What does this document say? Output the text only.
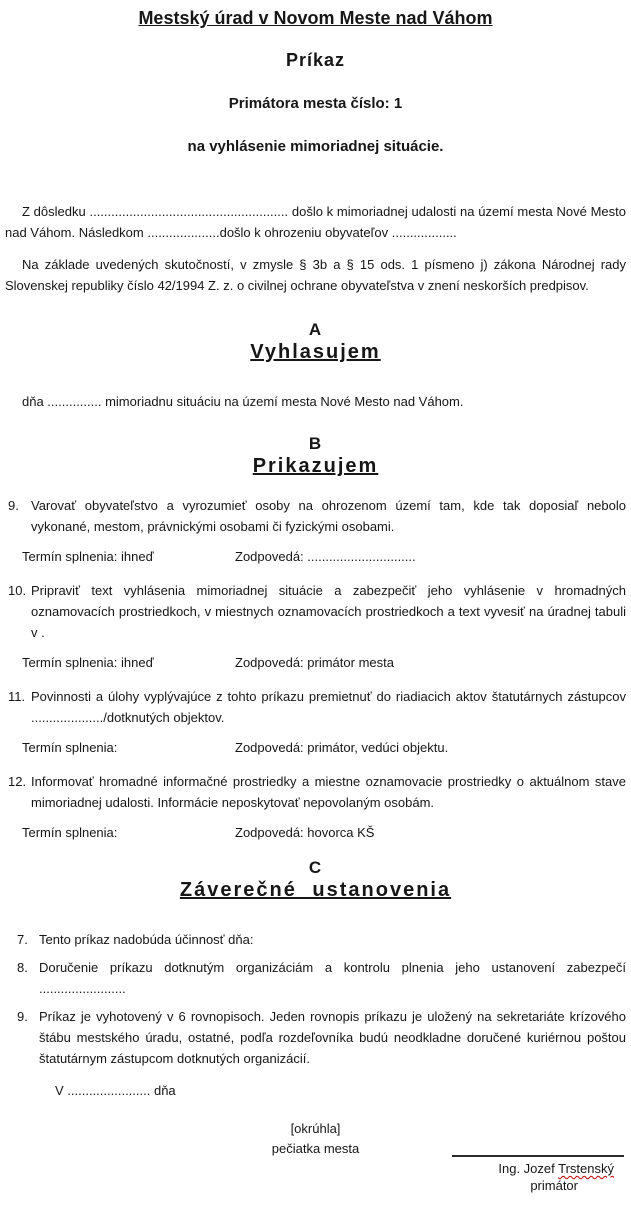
Mestský úrad v Novom Meste nad Váhom
Príkaz
Primátora mesta číslo: 1
na vyhlásenie mimoriadnej situácie.

Z dôsledku ....................................................... došlo k mimoriadnej udalosti na území mesta Nové Mesto nad Váhom. Následkom ....................došlo k ohrozeniu obyvateľov ..................

Na základe uvedených skutočností, v zmysle § 3b a § 15 ods. 1 písmeno j) zákona Národnej rady Slovenskej republiky číslo 42/1994 Z. z. o civilnej ochrane obyvateľstva v znení neskorších predpisov.

A
Vyhlasujem

dňa ............... mimoriadnu situáciu na území mesta Nové Mesto nad Váhom.

B
Prikazujem
9. Varovať obyvateľstvo a vyrozumieť osoby na ohrozenom území tam, kde tak doposiaľ nebolo vykonané, mestom, právnickými osobami či fyzickými osobami.

Termín splnenia: ihneď	Zodpovedá: ..............................
10. Pripraviť text vyhlásenia mimoriadnej situácie a zabezpečiť jeho vyhlásenie v hromadných oznamovacích prostriedkoch, v miestnych oznamovacích prostriedkoch a text vyvesiť na úradnej tabuli v .

Termín splnenia: ihneď	Zodpovedá: primátor mesta
11. Povinnosti a úlohy vyplývajúce z tohto príkazu premietnuť do riadiacich aktov štatutárnych zástupcov ..................../dotknutých objektov.

Termín splnenia:	Zodpovedá: primátor, vedúci objektu.
12. Informovať hromadné informačné prostriedky a miestne oznamovacie prostriedky o aktuálnom stave mimoriadnej udalosti. Informácie neposkytovať nepovolaným osobám.

Termín splnenia:	Zodpovedá: hovorca KŠ
C
Záverečné ustanovenia
7. Tento príkaz nadobúda účinnosť dňa:

8. Doručenie príkazu dotknutým organizáciám a kontrolu plnenia jeho ustanovení zabezpečí ........................

9. Príkaz je vyhotovený v 6 rovnopisoch. Jeden rovnopis príkazu je uložený na sekretariáte krízového štábu mestského úradu, ostatné, podľa rozdeľovníka budú neodkladne doručené kuriérnou poštou štatutárnym zástupcom dotknutých organizácií.

V ....................... dňa

[okrúhla]
pečiatka mesta
Ing. Jozef Trstenský
primátor
